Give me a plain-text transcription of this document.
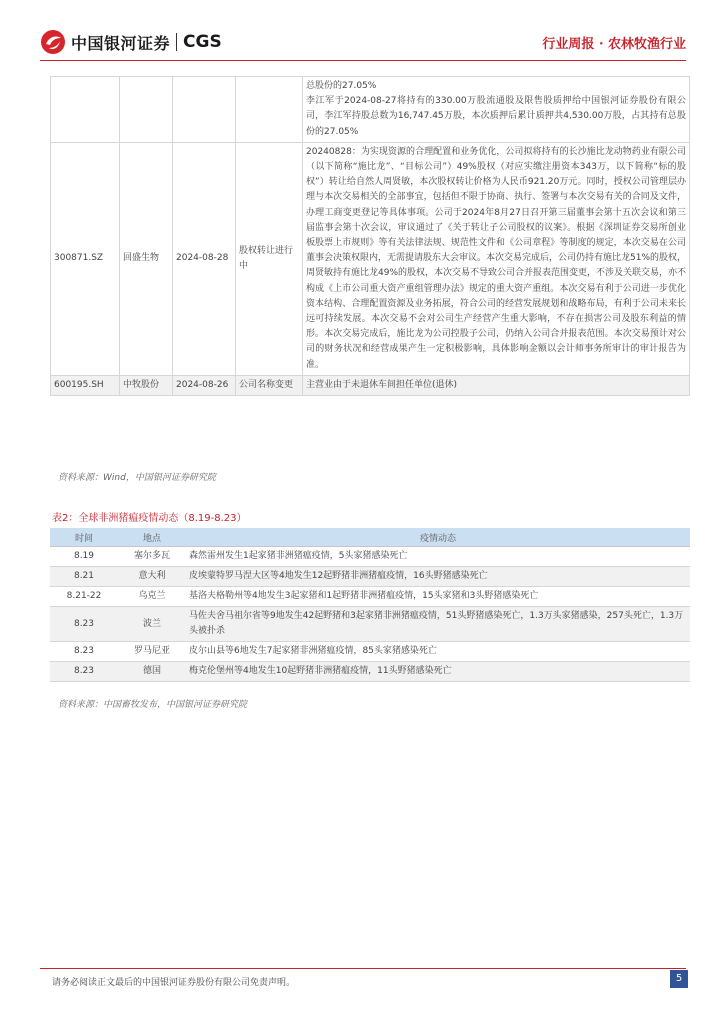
中国银河证券 CGS	行业周报 · 农林牧渔行业
				总股份的27.05%
李江军于2024-08-27将持有的330.00万股流通股及限售股质押给中国银河证券股份有限公司，李江军持股总数为16,747.45万股，本次质押后累计质押共4,530.00万股，占其持有总股份的27.05%
300871.SZ	回盛生物	2024-08-28	股权转让进行中	20240828：为实现资源的合理配置和业务优化，公司拟将持有的长沙施比龙动物药业有限公司（以下简称“施比龙”、“目标公司”）49%股权（对应实缴注册资本343万，以下简称“标的股权”）转让给自然人周贤敏，本次股权转让价格为人民币921.20万元。同时，授权公司管理层办理与本次交易相关的全部事宜，包括但不限于协商、执行、签署与本次交易有关的合同及文件，办理工商变更登记等具体事项。公司于2024年8月27日召开第三届董事会第十五次会议和第三届监事会第十次会议，审议通过了《关于转让子公司股权的议案》。根据《深圳证券交易所创业板股票上市规则》等有关法律法规、规范性文件和《公司章程》等制度的规定，本次交易在公司董事会决策权限内，无需提请股东大会审议。本次交易完成后，公司仍持有施比龙51%的股权，周贤敏持有施比龙49%的股权，本次交易不导致公司合并报表范围变更，不涉及关联交易，亦不构成《上市公司重大资产重组管理办法》规定的重大资产重组。本次交易有利于公司进一步优化资本结构、合理配置资源及业务拓展，符合公司的经营发展规划和战略布局，有利于公司未来长远可持续发展。本次交易不会对公司生产经营产生重大影响，不存在损害公司及股东利益的情形。本次交易完成后，施比龙为公司控股子公司，仍纳入公司合并报表范围。本次交易预计对公司的财务状况和经营成果产生一定积极影响，具体影响金额以会计师事务所审计的审计报告为准。
600195.SH	中牧股份	2024-08-26	公司名称变更	主营业由于未退休车间担任单位(退休)
资料来源：Wind，中国银河证券研究院
表2：全球非洲猪瘟疫情动态（8.19-8.23）
时间	地点	疫情动态
8.19	塞尔多瓦	森然雷州发生1起家猪非洲猪瘟疫情，5头家猪感染死亡
8.21	意大利	皮埃蒙特罗马涅大区等4地发生12起野猪非洲猪瘟疫情，16头野猪感染死亡
8.21-22	乌克兰	基洛夫格勒州等4地发生3起家猪和1起野猪非洲猪瘟疫情，15头家猪和3头野猪感染死亡
8.23	波兰	马佐夫舍马祖尔省等9地发生42起野猪和3起家猪非洲猪瘟疫情，51头野猪感染死亡，1.3万头家猪感染，257头死亡，1.3万头被扑杀
8.23	罗马尼亚	皮尔山县等6地发生7起家猪非洲猪瘟疫情，85头家猪感染死亡
8.23	德国	梅克伦堡州等4地发生10起野猪非洲猪瘟疫情，11头野猪感染死亡
资料来源：中国畜牧发布，中国银河证券研究院
请务必阅读正文最后的中国银河证券股份有限公司免责声明。	5
